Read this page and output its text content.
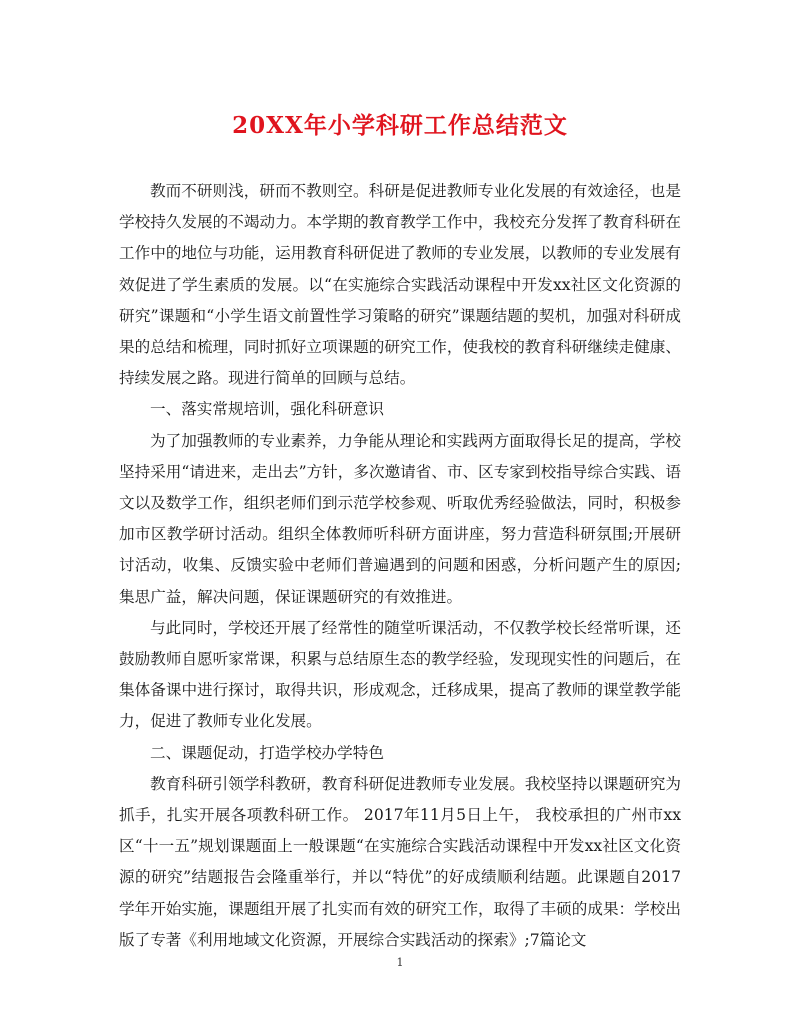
20XX年小学科研工作总结范文

教而不研则浅，研而不教则空。科研是促进教师专业化发展的有效途径，也是学校持久发展的不竭动力。本学期的教育教学工作中，我校充分发挥了教育科研在工作中的地位与功能，运用教育科研促进了教师的专业发展，以教师的专业发展有效促进了学生素质的发展。以“在实施综合实践活动课程中开发xx社区文化资源的研究”课题和“小学生语文前置性学习策略的研究”课题结题的契机，加强对科研成果的总结和梳理，同时抓好立项课题的研究工作，使我校的教育科研继续走健康、持续发展之路。现进行简单的回顾与总结。

一、落实常规培训，强化科研意识

为了加强教师的专业素养，力争能从理论和实践两方面取得长足的提高，学校坚持采用“请进来，走出去”方针，多次邀请省、市、区专家到校指导综合实践、语文以及数学工作，组织老师们到示范学校参观、听取优秀经验做法，同时，积极参加市区教学研讨活动。组织全体教师听科研方面讲座，努力营造科研氛围;开展研讨活动，收集、反馈实验中老师们普遍遇到的问题和困惑，分析问题产生的原因;集思广益，解决问题，保证课题研究的有效推进。

与此同时，学校还开展了经常性的随堂听课活动，不仅教学校长经常听课，还鼓励教师自愿听家常课，积累与总结原生态的教学经验，发现现实性的问题后，在集体备课中进行探讨，取得共识，形成观念，迁移成果，提高了教师的课堂教学能力，促进了教师专业化发展。

二、课题促动，打造学校办学特色

教育科研引领学科教研，教育科研促进教师专业发展。我校坚持以课题研究为抓手，扎实开展各项教科研工作。 2017年11月5日上午， 我校承担的广州市xx区“十一五”规划课题面上一般课题“在实施综合实践活动课程中开发xx社区文化资源的研究”结题报告会隆重举行，并以“特优”的好成绩顺利结题。此课题自2017学年开始实施，课题组开展了扎实而有效的研究工作，取得了丰硕的成果：学校出版了专著《利用地域文化资源，开展综合实践活动的探索》;7篇论文

1
